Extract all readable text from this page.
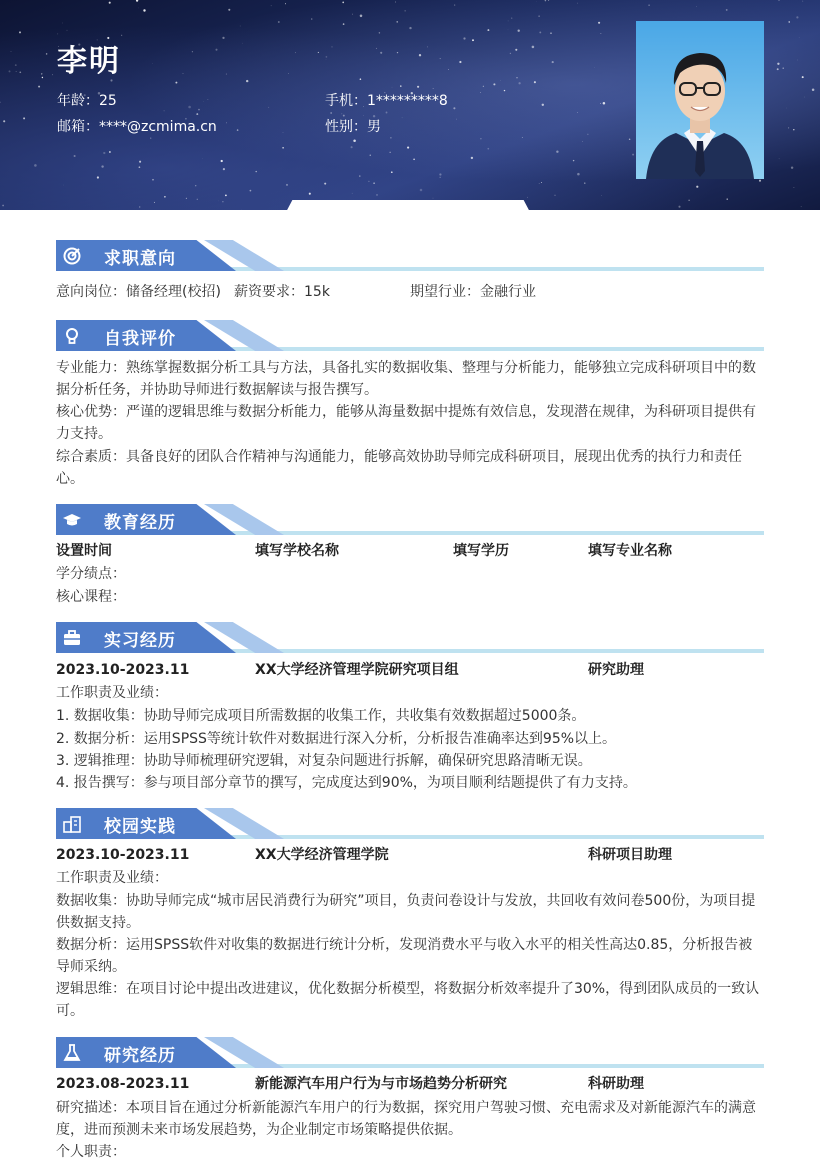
李明
年龄：25	手机：1*********8
邮箱：****@zcmima.cn	性别：男
求职意向
意向岗位：储备经理(校招) 薪资要求：15k	期望行业：金融行业
自我评价
专业能力：熟练掌握数据分析工具与方法，具备扎实的数据收集、整理与分析能力，能够独立完成科研项目中的数据分析任务，并协助导师进行数据解读与报告撰写。
核心优势：严谨的逻辑思维与数据分析能力，能够从海量数据中提炼有效信息，发现潜在规律，为科研项目提供有力支持。
综合素质：具备良好的团队合作精神与沟通能力，能够高效协助导师完成科研项目，展现出优秀的执行力和责任心。
教育经历
设置时间	填写学校名称	填写学历	填写专业名称
学分绩点：
核心课程：
实习经历
2023.10-2023.11	XX大学经济管理学院研究项目组	研究助理
工作职责及业绩：
1. 数据收集：协助导师完成项目所需数据的收集工作，共收集有效数据超过5000条。
2. 数据分析：运用SPSS等统计软件对数据进行深入分析，分析报告准确率达到95%以上。
3. 逻辑推理：协助导师梳理研究逻辑，对复杂问题进行拆解，确保研究思路清晰无误。
4. 报告撰写：参与项目部分章节的撰写，完成度达到90%，为项目顺利结题提供了有力支持。
校园实践
2023.10-2023.11	XX大学经济管理学院	科研项目助理
工作职责及业绩：
数据收集：协助导师完成“城市居民消费行为研究”项目，负责问卷设计与发放，共回收有效问卷500份，为项目提供数据支持。
数据分析：运用SPSS软件对收集的数据进行统计分析，发现消费水平与收入水平的相关性高达0.85，分析报告被导师采纳。
逻辑思维：在项目讨论中提出改进建议，优化数据分析模型，将数据分析效率提升了30%，得到团队成员的一致认可。
研究经历
2023.08-2023.11	新能源汽车用户行为与市场趋势分析研究	科研助理
研究描述：本项目旨在通过分析新能源汽车用户的行为数据，探究用户驾驶习惯、充电需求及对新能源汽车的满意度，进而预测未来市场发展趋势，为企业制定市场策略提供依据。
个人职责：
